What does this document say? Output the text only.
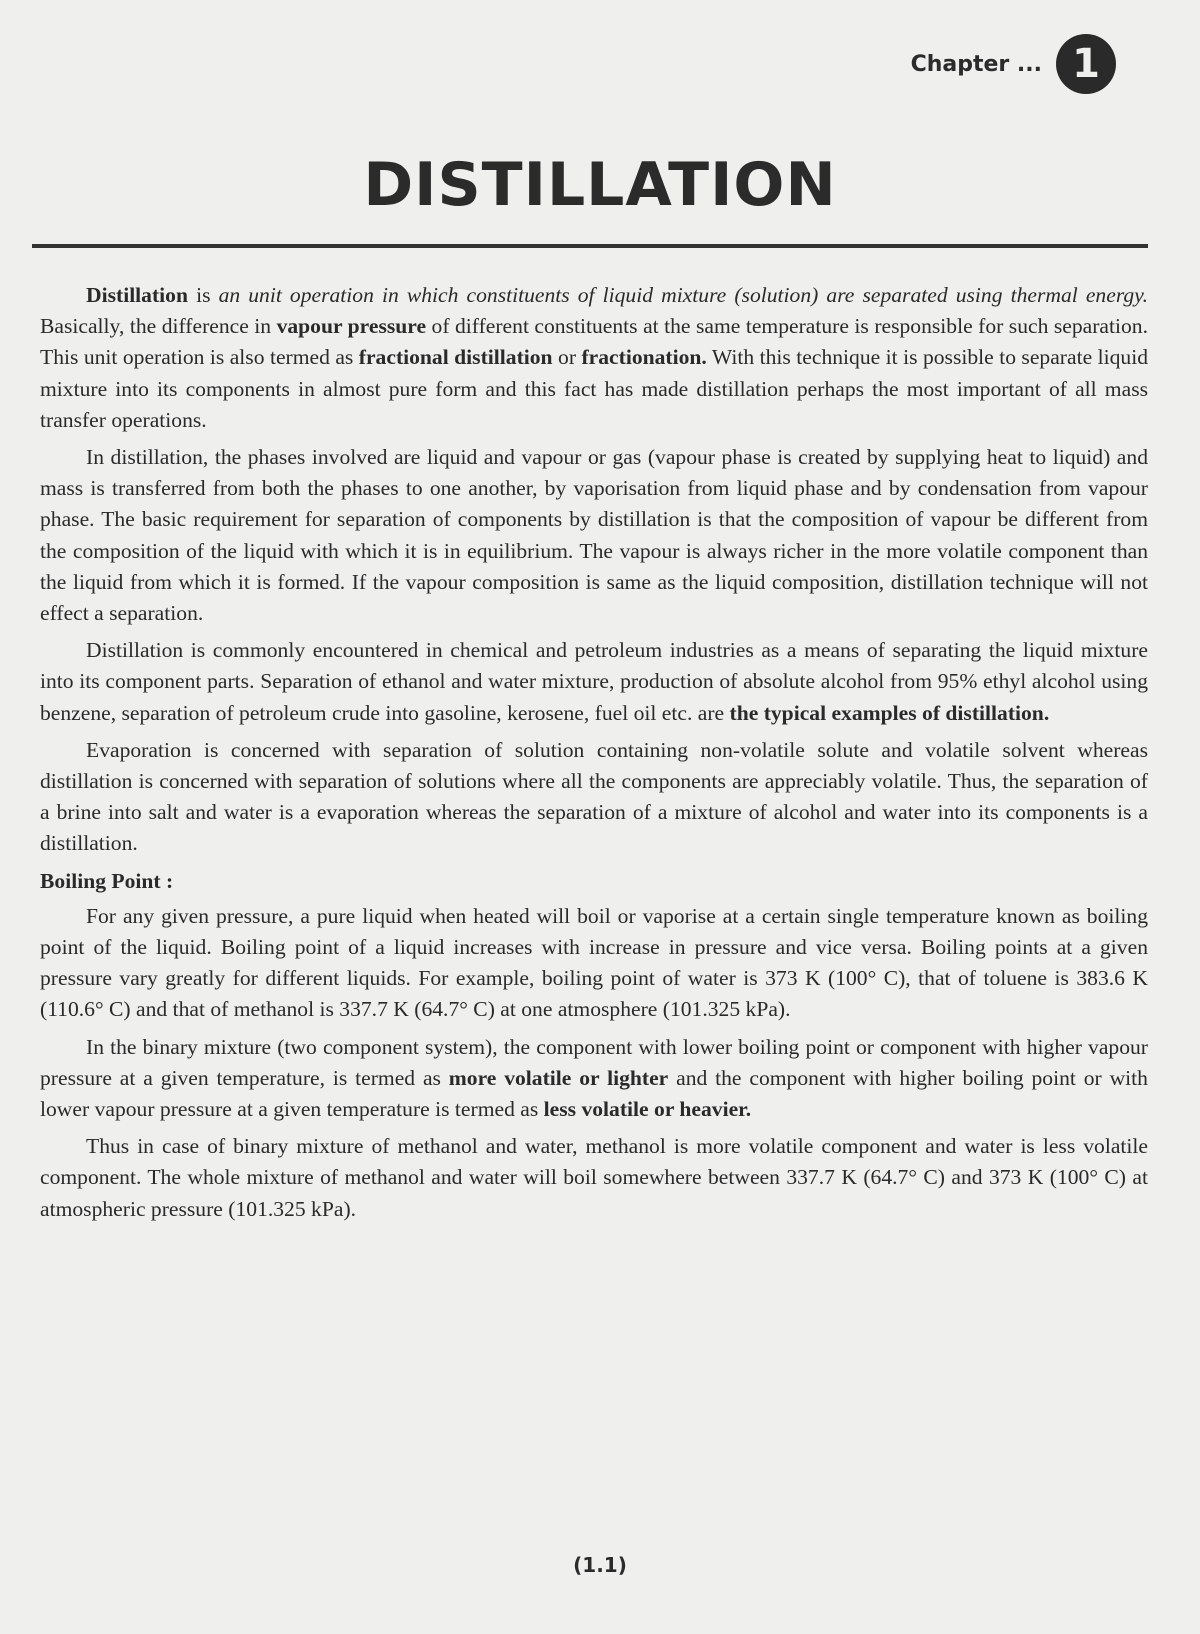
Chapter ... 1
DISTILLATION

Distillation is an unit operation in which constituents of liquid mixture (solution) are separated using thermal energy. Basically, the difference in vapour pressure of different constituents at the same temperature is responsible for such separation. This unit operation is also termed as fractional distillation or fractionation. With this technique it is possible to separate liquid mixture into its components in almost pure form and this fact has made distillation perhaps the most important of all mass transfer operations.

In distillation, the phases involved are liquid and vapour or gas (vapour phase is created by supplying heat to liquid) and mass is transferred from both the phases to one another, by vaporisation from liquid phase and by condensation from vapour phase. The basic requirement for separation of components by distillation is that the composition of vapour be different from the composition of the liquid with which it is in equilibrium. The vapour is always richer in the more volatile component than the liquid from which it is formed. If the vapour composition is same as the liquid composition, distillation technique will not effect a separation.

Distillation is commonly encountered in chemical and petroleum industries as a means of separating the liquid mixture into its component parts. Separation of ethanol and water mixture, production of absolute alcohol from 95% ethyl alcohol using benzene, separation of petroleum crude into gasoline, kerosene, fuel oil etc. are the typical examples of distillation.

Evaporation is concerned with separation of solution containing non-volatile solute and volatile solvent whereas distillation is concerned with separation of solutions where all the components are appreciably volatile. Thus, the separation of a brine into salt and water is a evaporation whereas the separation of a mixture of alcohol and water into its components is a distillation.

Boiling Point :

For any given pressure, a pure liquid when heated will boil or vaporise at a certain single temperature known as boiling point of the liquid. Boiling point of a liquid increases with increase in pressure and vice versa. Boiling points at a given pressure vary greatly for different liquids. For example, boiling point of water is 373 K (100° C), that of toluene is 383.6 K (110.6° C) and that of methanol is 337.7 K (64.7° C) at one atmosphere (101.325 kPa).

In the binary mixture (two component system), the component with lower boiling point or component with higher vapour pressure at a given temperature, is termed as more volatile or lighter and the component with higher boiling point or with lower vapour pressure at a given temperature is termed as less volatile or heavier.

Thus in case of binary mixture of methanol and water, methanol is more volatile component and water is less volatile component. The whole mixture of methanol and water will boil somewhere between 337.7 K (64.7° C) and 373 K (100° C) at atmospheric pressure (101.325 kPa).

(1.1)
